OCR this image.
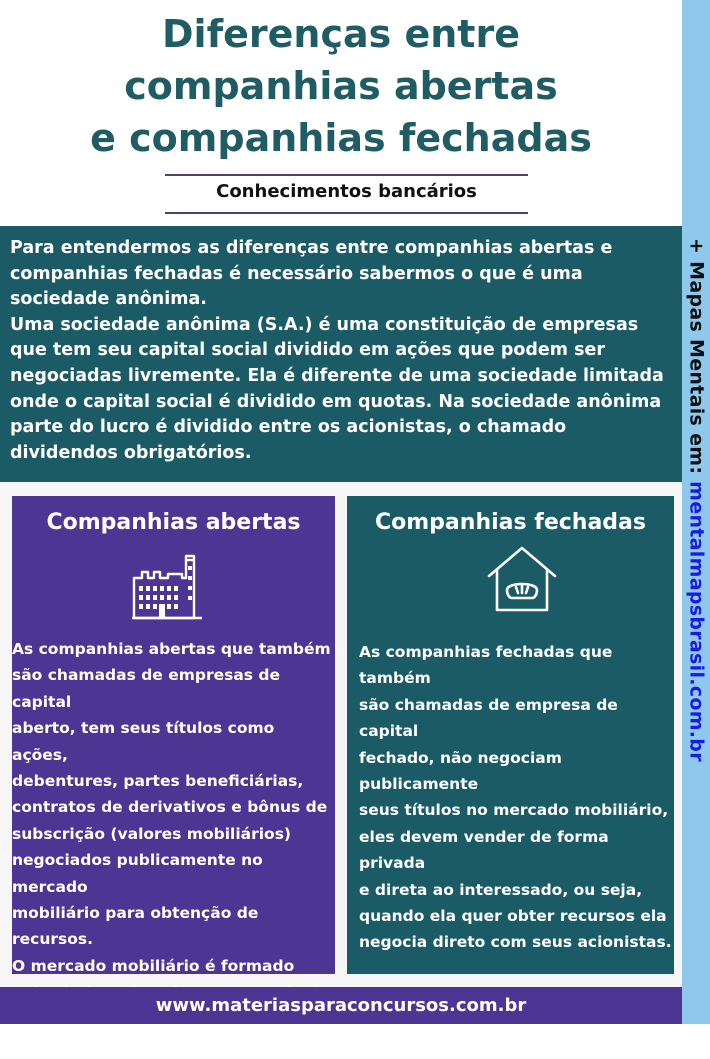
Diferenças entre
companhias abertas
e companhias fechadas
Conhecimentos bancários

Para entendermos as diferenças entre companhias abertas e
companhias fechadas é necessário sabermos o que é uma
sociedade anônima.
Uma sociedade anônima (S.A.) é uma constituição de empresas
que tem seu capital social dividido em ações que podem ser
negociadas livremente. Ela é diferente de uma sociedade limitada
onde o capital social é dividido em quotas. Na sociedade anônima
parte do lucro é dividido entre os acionistas, o chamado
dividendos obrigatórios.

Companhias abertas
As companhias abertas que também
são chamadas de empresas de capital
aberto, tem seus títulos como ações,
debentures, partes beneficiárias,
contratos de derivativos e bônus de
subscrição (valores mobiliários)
negociados publicamente no mercado
mobiliário para obtenção de recursos.
O mercado mobiliário é formado

corretoras e etc...
Companhias fechadas
As companhias fechadas que também
são chamadas de empresa de capital
fechado, não negociam publicamente
seus títulos no mercado mobiliário,
eles devem vender de forma privada
e direta ao interessado, ou seja,
quando ela quer obter recursos ela
negocia direto com seus acionistas.
www.materiasparaconcursos.com.br
+ Mapas Mentais em: mentalmapsbrasil.com.br
